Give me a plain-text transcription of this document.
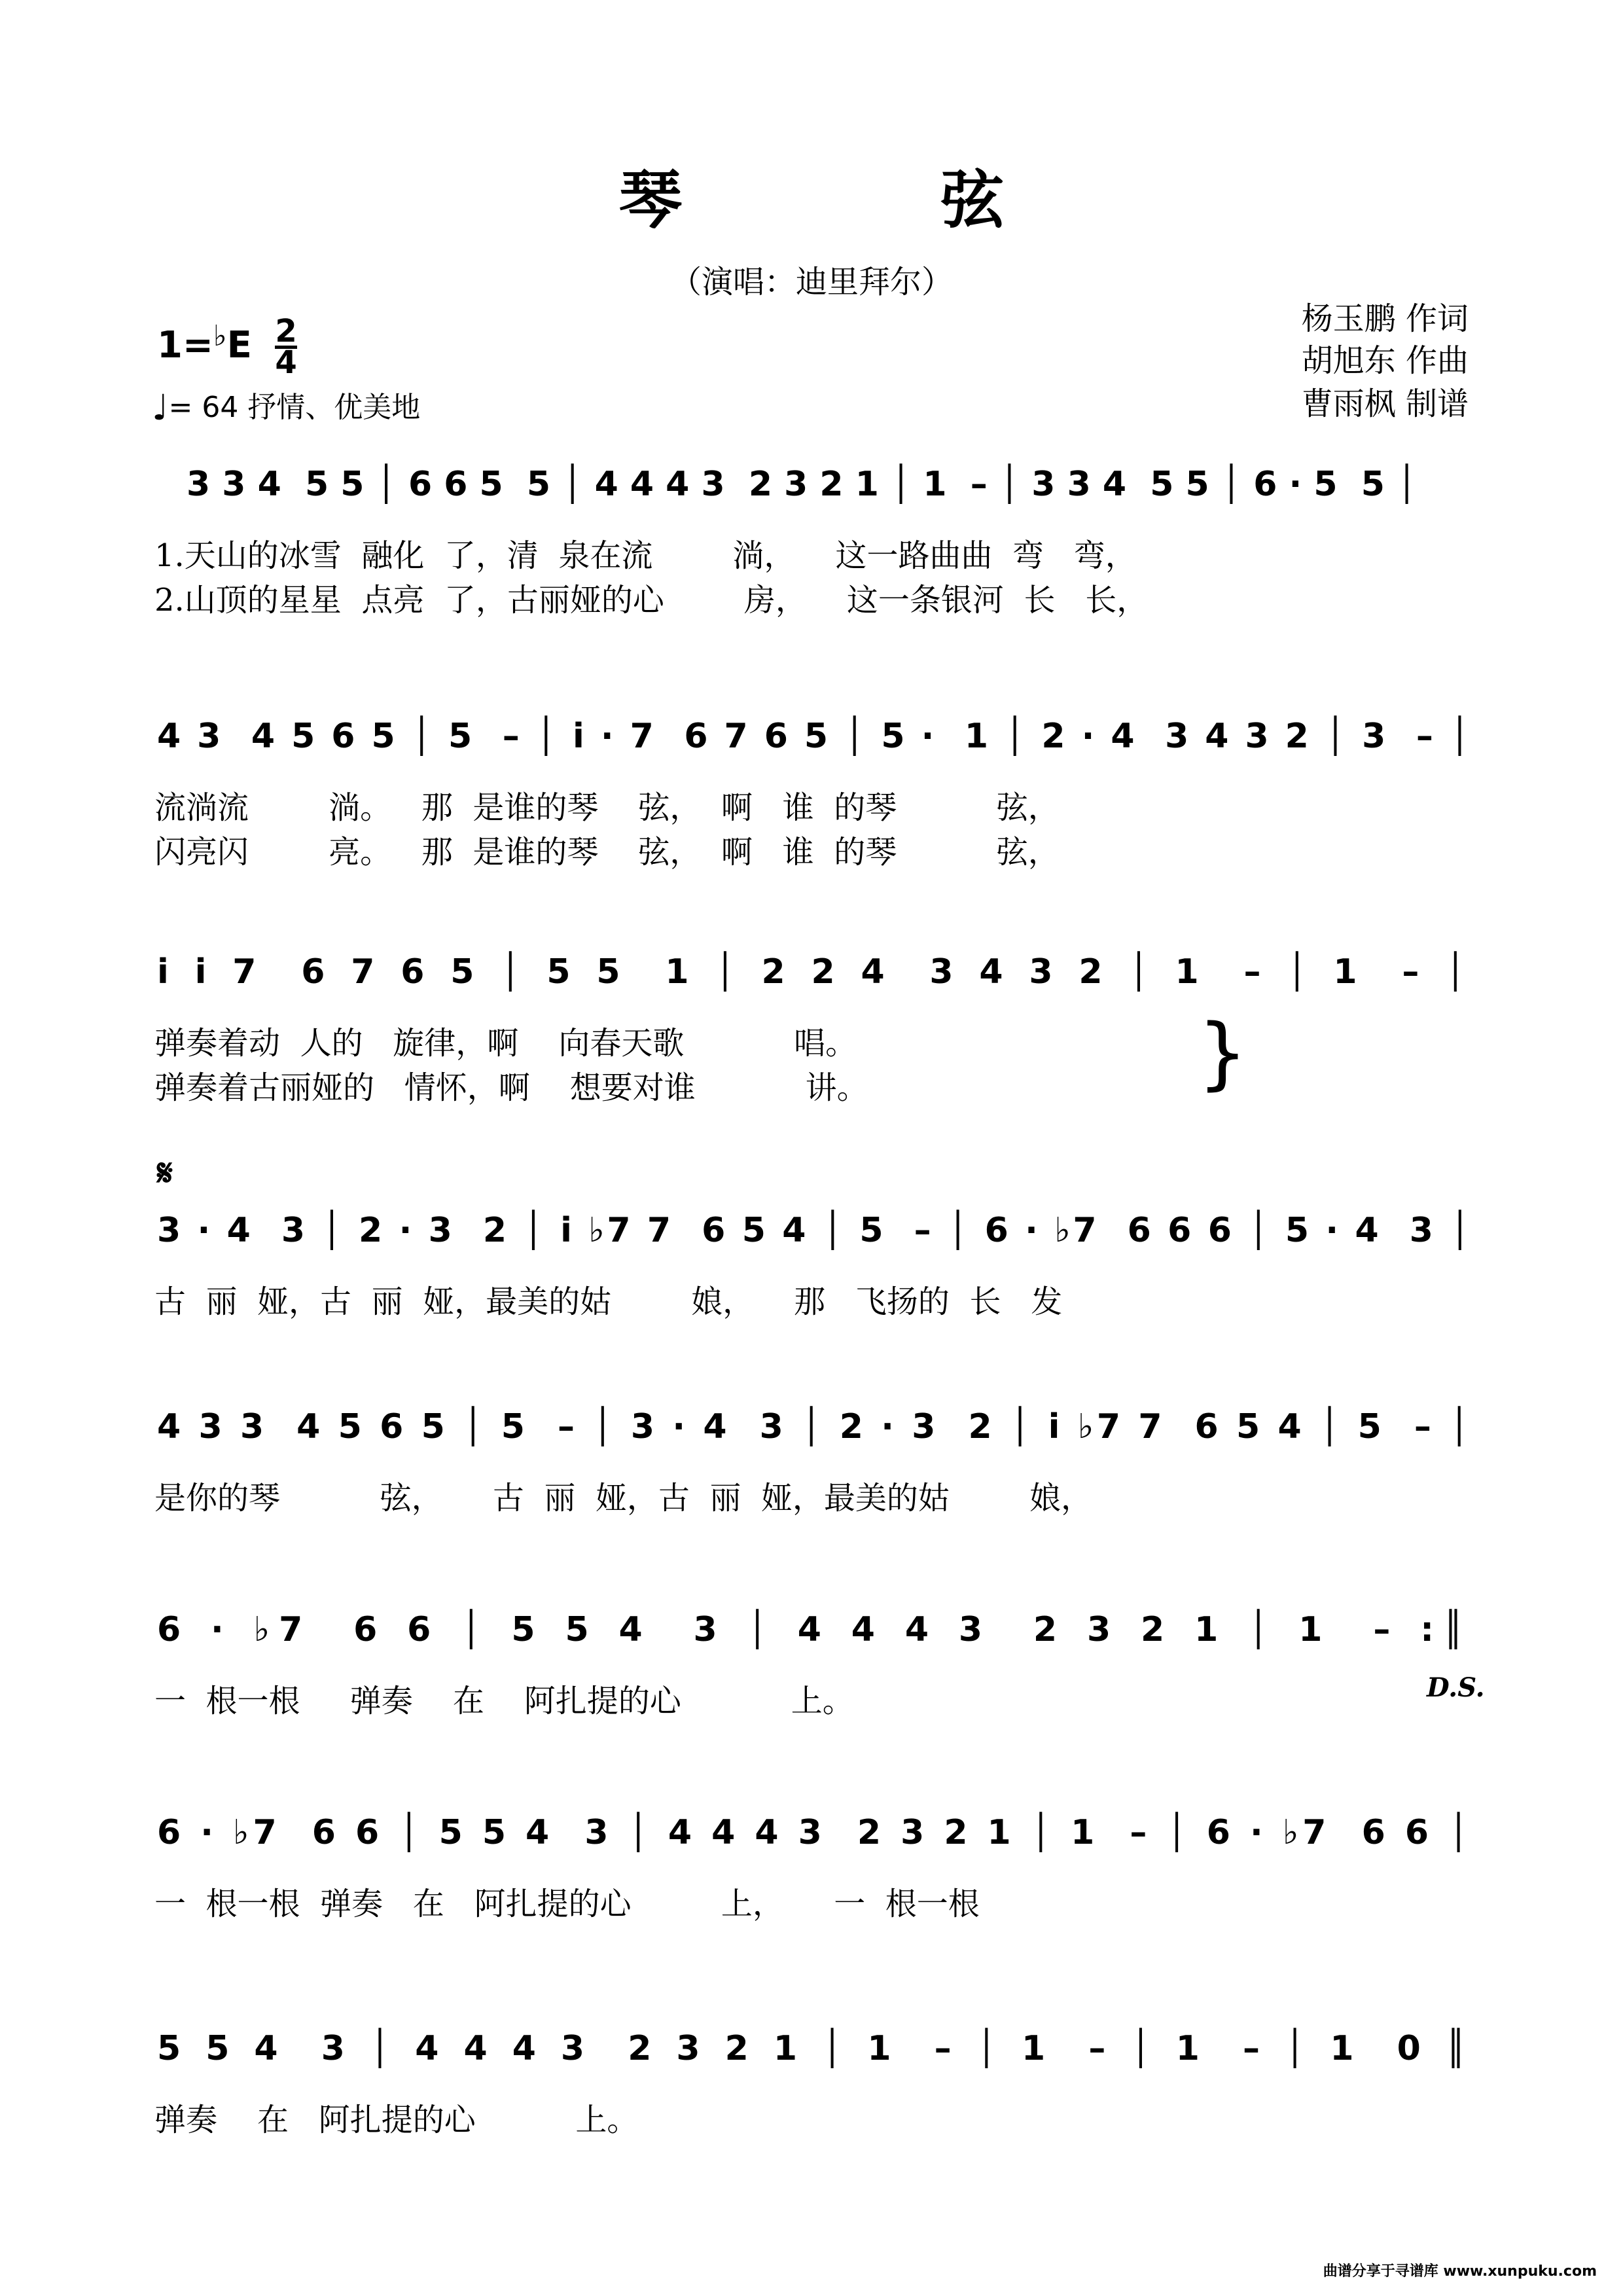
琴　弦
（演唱：迪里拜尔）
杨玉鹏 作词
胡旭东 作曲
曹雨枫 制谱
$1=^♭E \frac{2}{4}$
♩= 64 抒情、优美地
3 3 4  5 5 │ 6 6 5  5 │ 4 4 4 3  2 3 2 1 │ 1  – │ 3 3 4  5 5 │ 6 · 5  5 │
1.天山的冰雪  融化  了，清  泉在流        淌，    这一路曲曲  弯   弯，
2.山顶的星星  点亮  了，古丽娅的心        房，    这一条银河  长   长，
4 3  4 5 6 5 │ 5  – │ i · 7  6 7 6 5 │ 5 ·  1 │ 2 · 4  3 4 3 2 │ 3  – │
流淌流        淌。   那  是谁的琴    弦，  啊   谁  的琴          弦，
闪亮闪        亮。   那  是谁的琴    弦，  啊   谁  的琴          弦，
i i 7  6 7 6 5 │ 5 5  1 │ 2 2 4  3 4 3 2 │ 1  – │ 1  – │
弹奏着动  人的   旋律，啊    向春天歌           唱。
弹奏着古丽娅的   情怀，啊    想要对谁           讲。	}
𝄋
3 · 4  3 │ 2 · 3  2 │ i ♭7 7  6 5 4 │ 5  – │ 6 · ♭7  6 6 6 │ 5 · 4  3 │
古  丽  娅，古  丽  娅，最美的姑        娘，    那   飞扬的  长   发
4 3 3  4 5 6 5 │ 5  – │ 3 · 4  3 │ 2 · 3  2 │ i ♭7 7  6 5 4 │ 5  – │
是你的琴          弦，     古  丽  娅，古  丽  娅，最美的姑        娘，
6 · ♭7  6 6 │ 5 5 4  3 │ 4 4 4 3  2 3 2 1 │ 1  – :║
D.S.
一  根一根     弹奏    在    阿扎提的心           上。
6 · ♭7  6 6 │ 5 5 4  3 │ 4 4 4 3  2 3 2 1 │ 1  – │ 6 · ♭7  6 6 │
一  根一根  弹奏   在   阿扎提的心         上，     一  根一根
5 5 4  3 │ 4 4 4 3  2 3 2 1 │ 1  – │ 1  – │ 1  – │ 1  0 ║
弹奏    在   阿扎提的心          上。
曲谱分享于寻谱库 www.xunpuku.com
